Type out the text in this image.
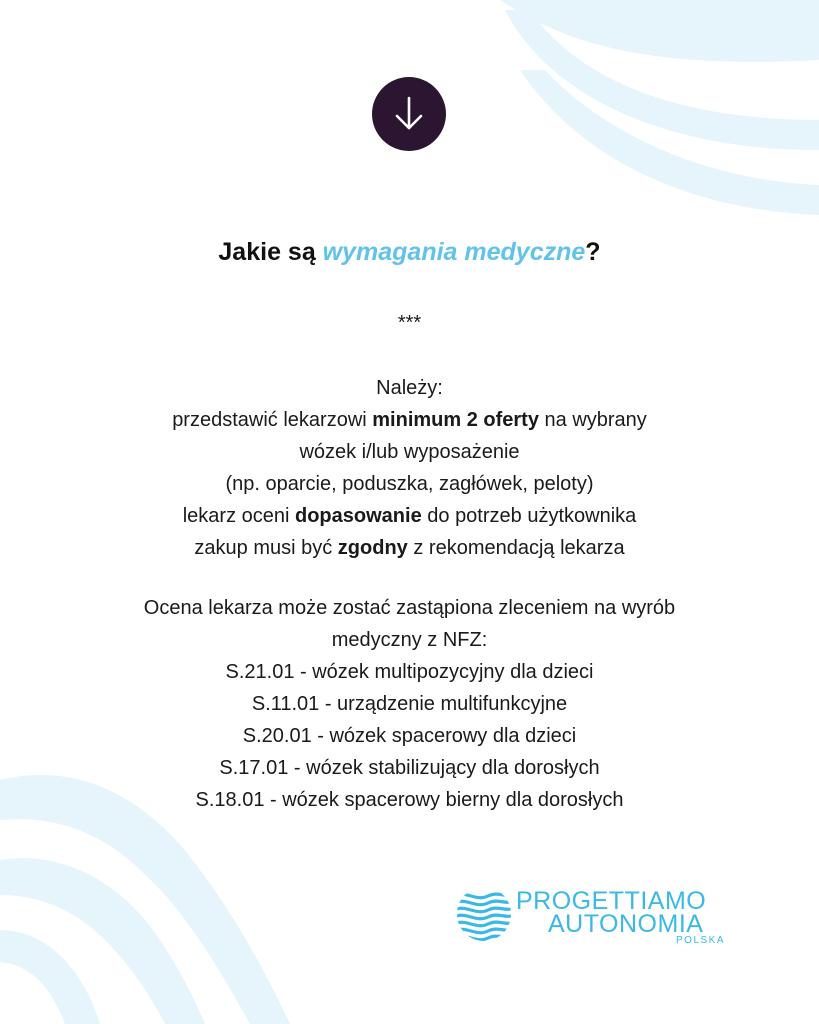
Jakie są wymagania medyczne?
***
Należy:
przedstawić lekarzowi minimum 2 oferty na wybrany
wózek i/lub wyposażenie
(np. oparcie, poduszka, zagłówek, peloty)
lekarz oceni dopasowanie do potrzeb użytkownika
zakup musi być zgodny z rekomendacją lekarza
Ocena lekarza może zostać zastąpiona zleceniem na wyrób
medyczny z NFZ:
S.21.01 - wózek multipozycyjny dla dzieci
S.11.01 - urządzenie multifunkcyjne
S.20.01 - wózek spacerowy dla dzieci
S.17.01 - wózek stabilizujący dla dorosłych
S.18.01 - wózek spacerowy bierny dla dorosłych
PROGETTIAMO
AUTONOMIA
POLSKA
